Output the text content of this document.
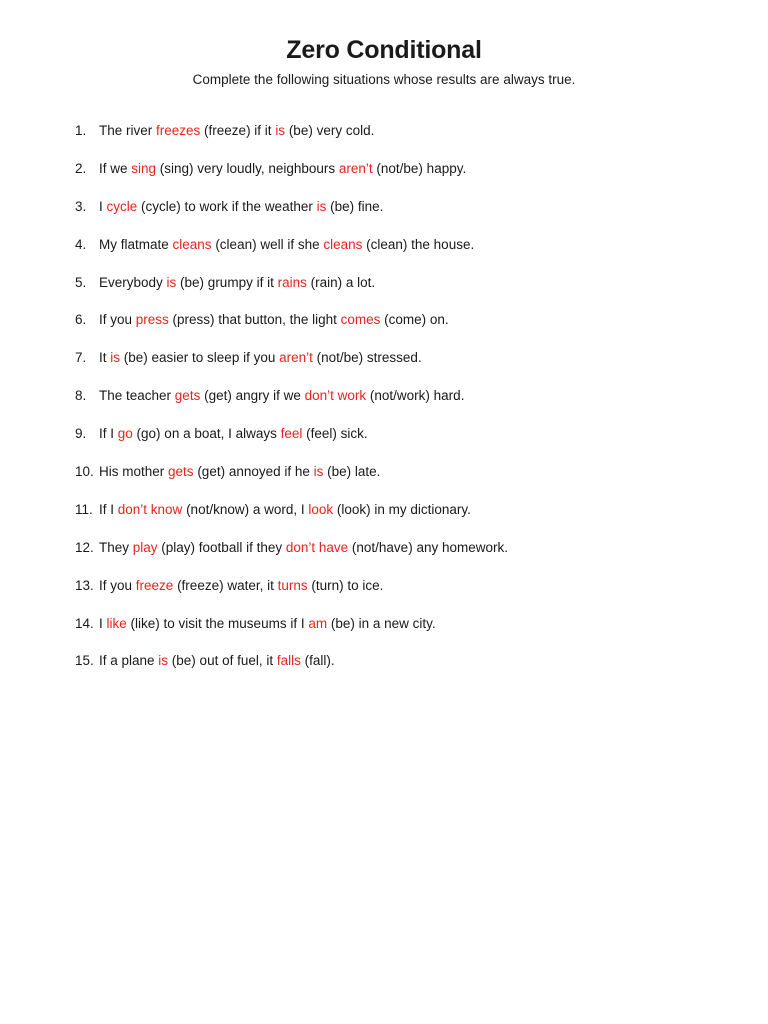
Zero Conditional

Complete the following situations whose results are always true.

1. The river freezes (freeze) if it is (be) very cold.
2. If we sing (sing) very loudly, neighbours aren’t (not/be) happy.
3. I cycle (cycle) to work if the weather is (be) fine.
4. My flatmate cleans (clean) well if she cleans (clean) the house.
5. Everybody is (be) grumpy if it rains (rain) a lot.
6. If you press (press) that button, the light comes (come) on.
7. It is (be) easier to sleep if you aren’t (not/be) stressed.
8. The teacher gets (get) angry if we don’t work (not/work) hard.
9. If I go (go) on a boat, I always feel (feel) sick.
10. His mother gets (get) annoyed if he is (be) late.
11. If I don’t know (not/know) a word, I look (look) in my dictionary.
12. They play (play) football if they don’t have (not/have) any homework.
13. If you freeze (freeze) water, it turns (turn) to ice.
14. I like (like) to visit the museums if I am (be) in a new city.
15. If a plane is (be) out of fuel, it falls (fall).
